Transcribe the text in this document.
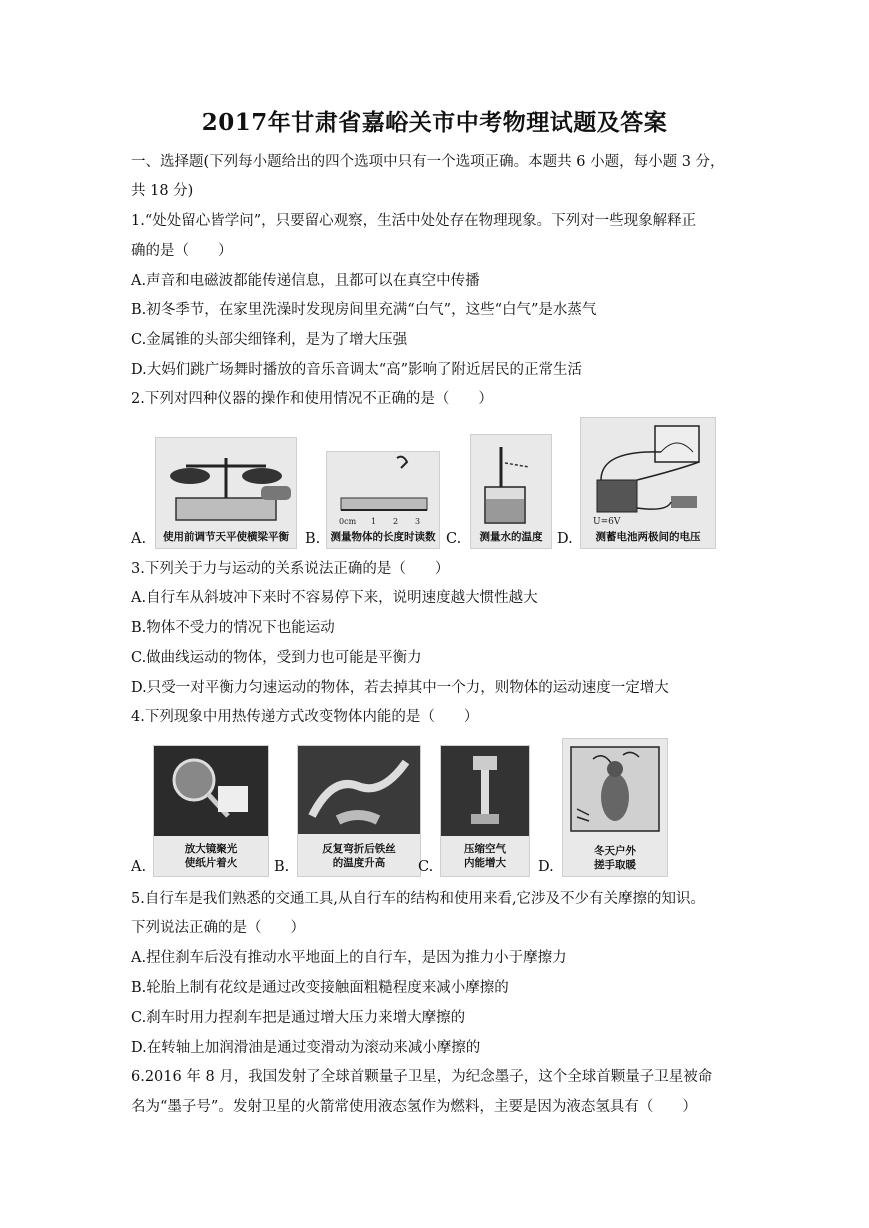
2017年甘肃省嘉峪关市中考物理试题及答案
一、选择题(下列每小题给出的四个选项中只有一个选项正确。本题共 6 小题，每小题 3 分，
共 18 分)
1.“处处留心皆学问”，只要留心观察，生活中处处存在物理现象。下列对一些现象解释正
确的是（　　）
A.声音和电磁波都能传递信息，且都可以在真空中传播
B.初冬季节，在家里洗澡时发现房间里充满“白气”，这些“白气”是水蒸气
C.金属锥的头部尖细锋利，是为了增大压强
D.大妈们跳广场舞时播放的音乐音调太“高”影响了附近居民的正常生活
2.下列对四种仪器的操作和使用情况不正确的是（　　）
A.	使用前调节天平使横梁平衡	B.
0cm 1 2 3
测量物体的长度时读数 C.	测量水的温度	D.
U=6V
测蓄电池两极间的电压
3.下列关于力与运动的关系说法正确的是（　　）
A.自行车从斜坡冲下来时不容易停下来，说明速度越大惯性越大
B.物体不受力的情况下也能运动
C.做曲线运动的物体，受到力也可能是平衡力
D.只受一对平衡力匀速运动的物体，若去掉其中一个力，则物体的运动速度一定增大
4.下列现象中用热传递方式改变物体内能的是（　　）
A.
放大镜聚光
使纸片着火	B.
反复弯折后铁丝
的温度升高	C.
压缩空气
内能增大	D.
冬天户外
搓手取暖
5.自行车是我们熟悉的交通工具,从自行车的结构和使用来看,它涉及不少有关摩擦的知识。
下列说法正确的是（　　）
A.捏住刹车后没有推动水平地面上的自行车，是因为推力小于摩擦力
B.轮胎上制有花纹是通过改变接触面粗糙程度来减小摩擦的
C.刹车时用力捏刹车把是通过增大压力来增大摩擦的
D.在转轴上加润滑油是通过变滑动为滚动来减小摩擦的
6.2016 年 8 月，我国发射了全球首颗量子卫星，为纪念墨子，这个全球首颗量子卫星被命
名为“墨子号”。发射卫星的火箭常使用液态氢作为燃料，主要是因为液态氢具有（　　）
